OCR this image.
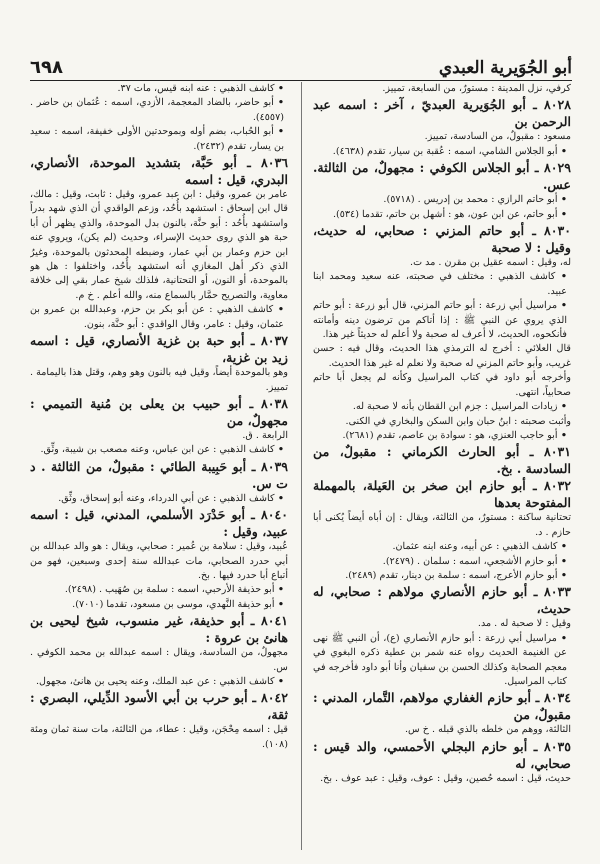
٦٩٨	أبو الجُوَيرية العبدي
كرفي، نزل المدينة : مستورٌ، من السابعة، تمييز.
٨٠٢٨ ـ أبو الجُوَيرية العبديّ ، آخر : اسمه عبد الرحمن بن
مسعود : مقبولٌ، من السادسة، تمييز.
• أبو الجلاس الشامي، اسمه : عُقبة بن سيار، تقدم (٤٦٣٨).
٨٠٢٩ ـ أبو الجلاس الكوفي : مجهولٌ، من الثالثة. عس.
• أبو حاتم الرازي : محمد بن إدريس . (٥٧١٨).
• أبو حاتم، عن ابن عون، هو : أشهل بن حاتم، تقدما (٥٣٤).
٨٠٣٠ ـ أبو حاتم المزني : صحابي، له حديث، وقيل : لا صحبة
له، وقيل : اسمه عقيل بن مقرن . مد ت.
• كاشف الذهبي : مختلف في صحبته، عنه سعيد ومحمد ابنا عبيد.
• مراسيل أبي زرعة : أبو حاتم المزني، قال أبو زرعة : أبو حاتم الذي يروي عن النبي ﷺ : إذا أتاكم من ترضون دينه وأمانته فأنكحوه، الحديث، لا أعرف له صحبة ولا أعلم له حديثاً غير هذا.
قال العلائي : أخرج له الترمذي هذا الحديث، وقال فيه : حسن غريب، وأبو حاتم المزني له صحبة ولا نعلم له غير هذا الحديث.
وأخرجه أبو داود في كتاب المراسيل وكأنه لم يجعل أبا حاتم صحابياً، انتهى.
• زيادات المراسيل : جزم ابن القطان بأنه لا صحبة له.
وأثبت صحبته : ابنُ حبان وابن السكن والبخاري في الكنى.
• أبو حاجب العنزي، هو : سوادة بن عاصم، تقدم (٢٦٨١).
٨٠٣١ ـ أبو الحارث الكرماني : مقبولٌ، من السادسة . بخ.
٨٠٣٢ ـ أبو حازم ابن صخر بن العَيلة، بالمهملة المفتوحة بعدها
تحتانية ساكنة : مستورٌ، من الثالثة، ويقال : إن أباه أيضاً يُكنى أبا حازم . د.
• كاشف الذهبي : عن أبيه، وعنه ابنه عثمان.
• أبو حازم الأشجعي، اسمه : سلمان . (٢٤٧٩).
• أبو حازم الأعرج، اسمه : سلمة بن دينار، تقدم (٢٤٨٩).
٨٠٣٣ ـ أبو حازم الأنصاري مولاهم : صحابي، له حديث،
وقيل : لا صحبة له . مد.
• مراسيل أبي زرعة : أبو حازم الأنصاري (ع)، أن النبي ﷺ نهى عن الغنيمة الحديث رواه عنه شمر بن عطية ذكره البغوي في معجم الصحابة وكذلك الحسن بن سفيان وأنا أبو داود فأخرجه في كتاب المراسيل.
٨٠٣٤ ـ أبو حازم الغفاري مولاهم، التَّمار، المدني : مقبولٌ، من
الثالثة، ووهم من خلطه بالذي قبله . خ س.
٨٠٣٥ ـ أبو حازم البجلي الأحمسي، والد قيس : صحابي، له
حديث، قيل : اسمه حُصين، وقيل : عوف، وقيل : عبد عوف . بخ.
• كاشف الذهبي : عنه ابنه قيس، مات ٣٧.
• أبو حاضر، بالضاد المعجمة، الأزدي، اسمه : عُثمان بن حاضر . (٤٥٥٧).
• أبو الحُباب، بضم أوله وبموحدتين الأولى خفيفة، اسمه : سعيد بن يسار، تقدم (٢٤٣٢).
٨٠٣٦ ـ أبو حَبَّة، بتشديد الموحدة، الأنصاري، البدري، قيل : اسمه
عامر بن عمرو، وقيل : ابن عبد عمرو، وقيل : ثابت، وقيل : مالك، قال ابن إسحاق : استشهد بأُحُد، وزعم الواقدي أن الذي شهد بدراً واستشهد بأُحُد : أبو حنَّة، بالنون بدل الموحدة، والذي يظهر أن أبا حبة هو الذي روى حديث الإسراء، وحديث (لم يكن)، ويروي عنه ابن حزم وعمار بن أبي عمار، وضبطه المحدثون بالموحدة، وغيرُ الذي ذكر أهل المغازي أنه استشهد بأُحُد، واختلفوا : هل هو بالموحدة، أو النون، أو التحتانية، فلذلك شيخ عمار بقي إلى خلافة معاوية، والتصريح حمَّار بالسماع منه، والله أعلم . خ م.
• كاشف الذهبي : عن أبو بكر بن حزم، وعبدالله بن عمرو بن عثمان، وقيل : عامر، وقال الواقدي : أبو حنَّة، بنون.
٨٠٣٧ ـ أبو حبة بن غزية الأنصاري، قيل : اسمه زيد بن غزية،
وهو بالموحدة أيضاً، وقيل فيه بالنون وهو وهم، وقتل هذا باليمامة . تمييز.
٨٠٣٨ ـ أبو حبيب بن يعلى بن مُنية التميمي : مجهولٌ، من
الرابعة . ق.
• كاشف الذهبي : عن ابن عباس، وعنه مصعب بن شيبة، وثِّق.
٨٠٣٩ ـ أبو حَبِيبة الطائي : مقبولٌ، من الثالثة . د ت س.
• كاشف الذهبي : عن أبي الدرداء، وعنه أبو إسحاق، وثِّق.
٨٠٤٠ ـ أبو حَدْرَد الأسلمي، المدني، قيل : اسمه عبيد، وقيل :
عُبيد، وقيل : سلامة بن عُمير : صحابي، ويقال : هو والد عبدالله بن أبي حدرد الصحابي، مات عبدالله سنة إحدى وسبعين، فهو من أتباع أبا حدرد فيها . بخ.
• أبو حذيفة الأرحبي، اسمه : سلمة بن صُهَيب . (٢٤٩٨).
• أبو حذيفة النَّهدي، موسى بن مسعود، تقدما (٧٠١٠).
٨٠٤١ ـ أبو حذيفة، غير منسوب، شيخ ليحيى بن هانئ بن عروة :
مجهولٌ، من السادسة، ويقال : اسمه عبدالله بن محمد الكوفي . س.
• كاشف الذهبي : عن عبد الملك، وعنه يحيى بن هانئ، مجهول.
٨٠٤٢ ـ أبو حرب بن أبي الأسود الدِّيلي، البصري : ثقة،
قيل : اسمه مِحْجَن، وقيل : عطاء، من الثالثة، مات سنة ثمان ومئة (١٠٨).
